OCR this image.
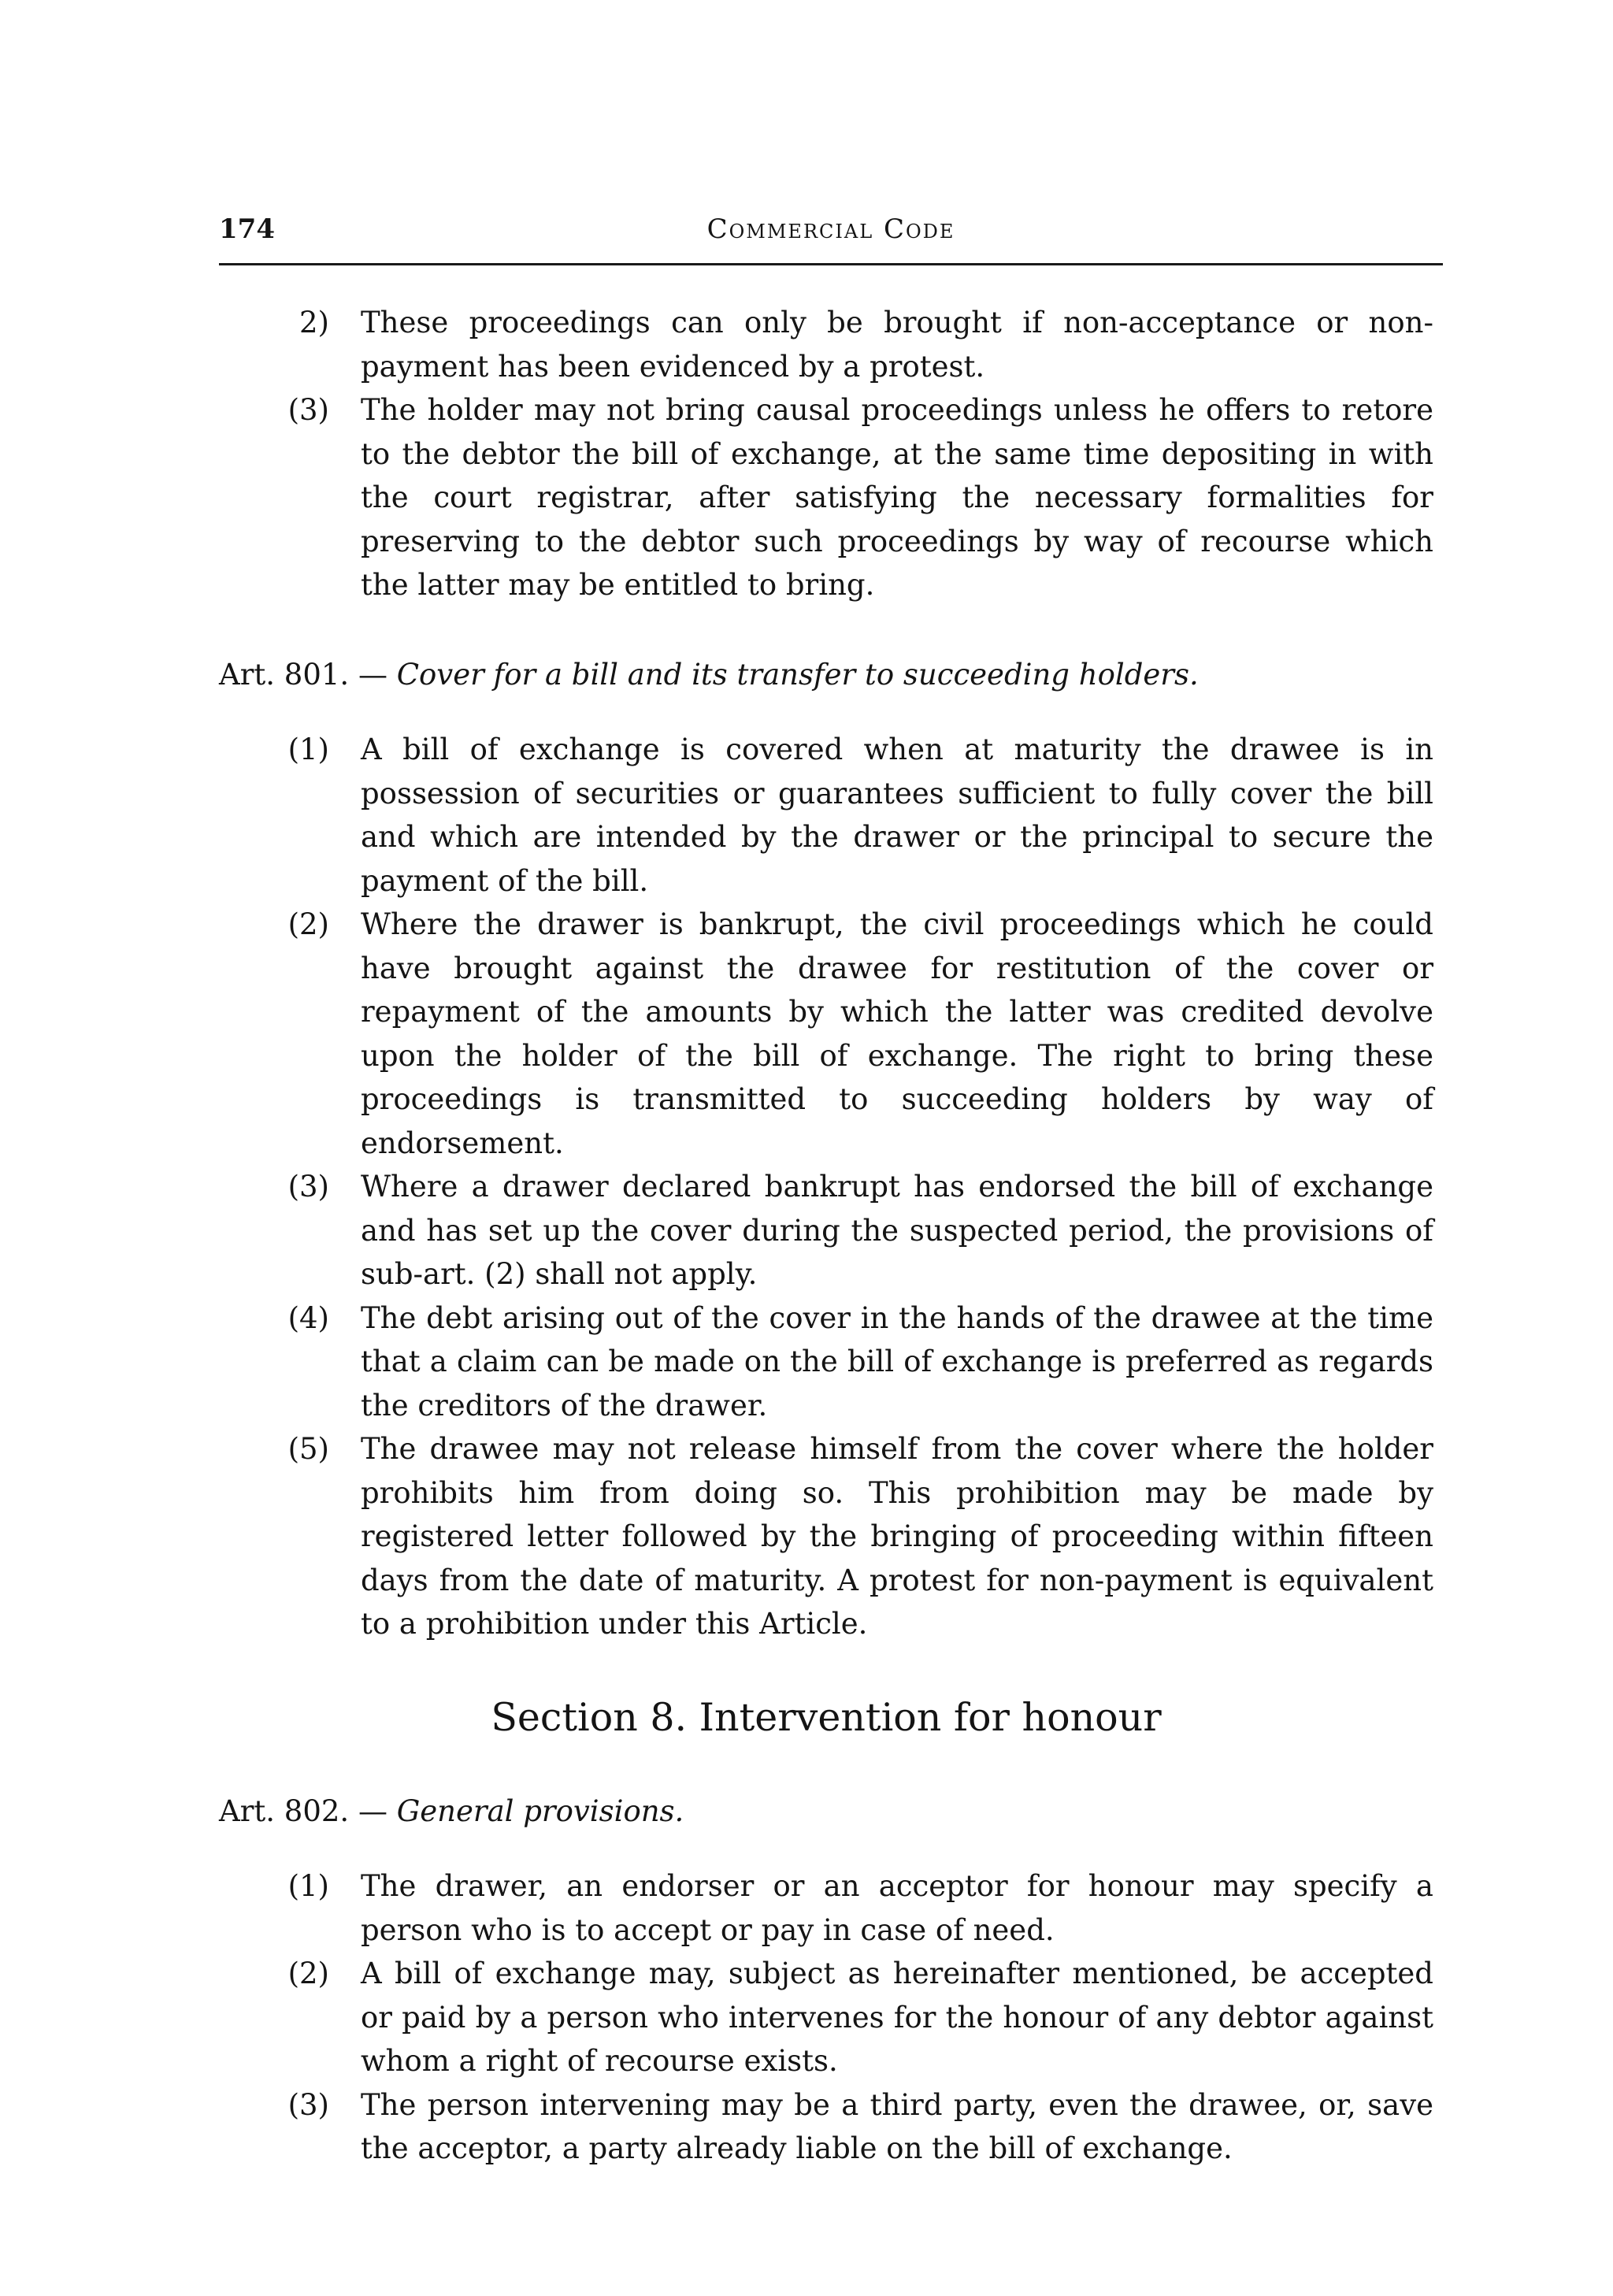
174	Commercial Code

2) These proceedings can only be brought if non-acceptance or non-payment has been evidenced by a protest.

(3) The holder may not bring causal proceedings unless he offers to retore to the debtor the bill of exchange, at the same time depositing in with the court registrar, after satisfying the necessary formalities for preserving to the debtor such proceedings by way of recourse which the latter may be entitled to bring.

Art. 801. — Cover for a bill and its transfer to succeeding holders.

(1) A bill of exchange is covered when at maturity the drawee is in possession of securities or guarantees sufficient to fully cover the bill and which are intended by the drawer or the principal to secure the payment of the bill.

(2) Where the drawer is bankrupt, the civil proceedings which he could have brought against the drawee for restitution of the cover or repayment of the amounts by which the latter was credited devolve upon the holder of the bill of exchange. The right to bring these proceedings is transmitted to succeeding holders by way of endorsement.

(3) Where a drawer declared bankrupt has endorsed the bill of exchange and has set up the cover during the suspected period, the provisions of sub-art. (2) shall not apply.

(4) The debt arising out of the cover in the hands of the drawee at the time that a claim can be made on the bill of exchange is preferred as regards the creditors of the drawer.

(5) The drawee may not release himself from the cover where the holder prohibits him from doing so. This prohibition may be made by registered letter followed by the bringing of proceeding within fifteen days from the date of maturity. A protest for non-payment is equivalent to a prohibition under this Article.

Section 8. Intervention for honour

Art. 802. — General provisions.

(1) The drawer, an endorser or an acceptor for honour may specify a person who is to accept or pay in case of need.

(2) A bill of exchange may, subject as hereinafter mentioned, be accepted or paid by a person who intervenes for the honour of any debtor against whom a right of recourse exists.

(3) The person intervening may be a third party, even the drawee, or, save the acceptor, a party already liable on the bill of exchange.
